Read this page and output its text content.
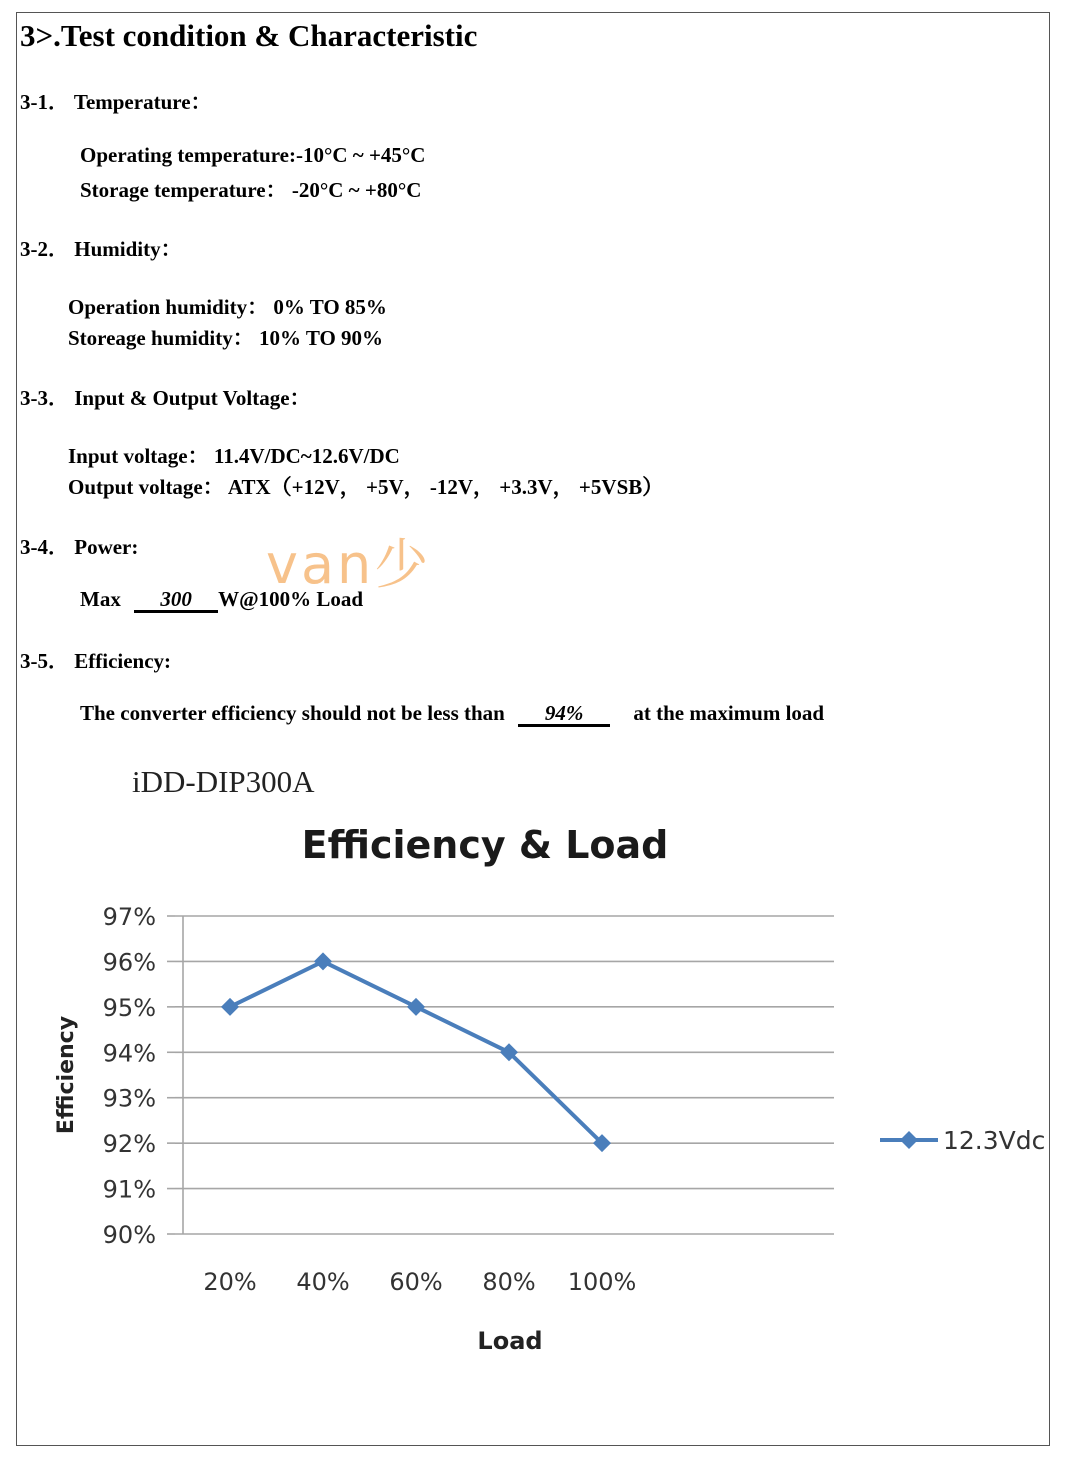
3>.Test condition & Characteristic
3-1． Temperature：
Operating temperature:-10°C ~ +45°C
Storage temperature： -20°C ~ +80°C
3-2． Humidity：
Operation humidity： 0% TO 85%
Storeage humidity： 10% TO 90%
3-3． Input & Output Voltage：
Input voltage： 11.4V/DC~12.6V/DC
Output voltage： ATX（+12V， +5V， -12V， +3.3V， +5VSB）
3-4． Power: van少
Max 300 W@100% Load
3-5． Efficiency:
The converter efficiency should not be less than 94% at the maximum load
iDD-DIP300A
Efficiency & Load
Load
Efficiency
90%
91%
92%
93%
94%
95%
96%
97%
20% 40% 60% 80% 100%
12.3Vdc
